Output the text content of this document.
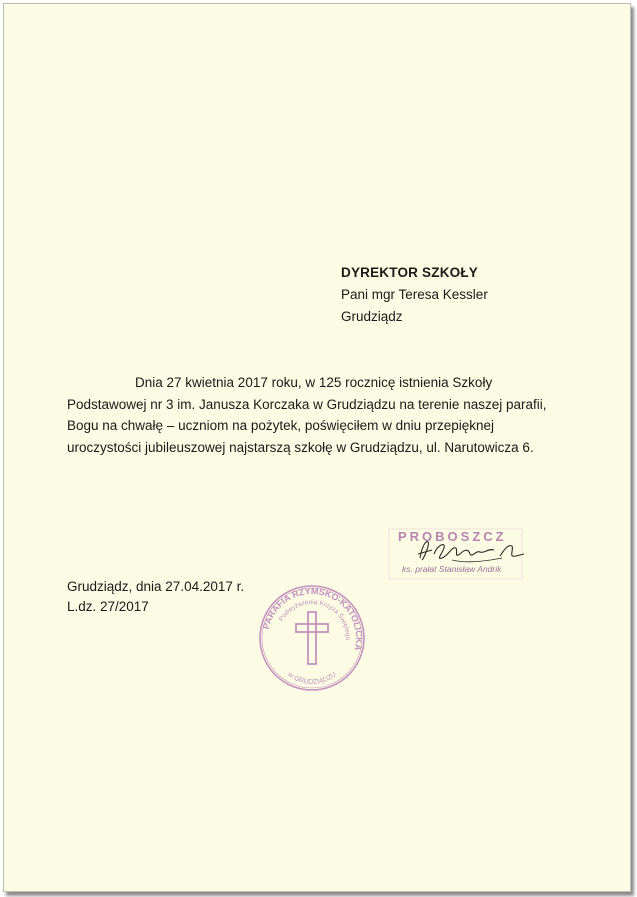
DYREKTOR SZKOŁY
Pani mgr Teresa Kessler
Grudziądz
Dnia 27 kwietnia 2017 roku, w 125 rocznicę istnienia Szkoły
Podstawowej nr 3 im. Janusza Korczaka w Grudziądzu na terenie naszej parafii,
Bogu na chwałę – uczniom na pożytek, poświęciłem w dniu przepięknej
uroczystości jubileuszowej najstarszą szkołę w Grudziądzu, ul. Narutowicza 6.
PROBOSZCZ
ks. prałat Stanisław Andrik
Grudziądz, dnia 27.04.2017 r.
L.dz. 27/2017
PARAFIA RZYMSKO-KATOLICKA
Podwyższenia Krzyża Świętego
w GRUDZIĄDZU
